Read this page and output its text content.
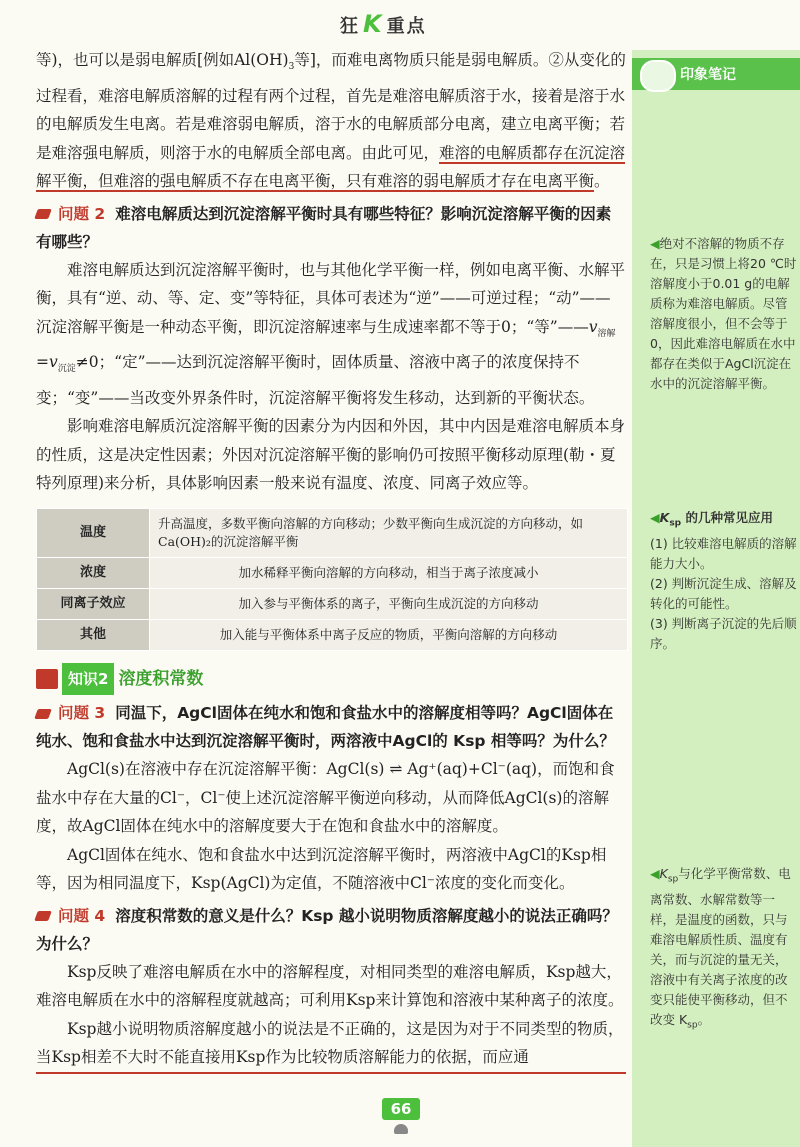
狂 K 重点
印象笔记
◀绝对不溶解的物质不存在，只是习惯上将20 ℃时溶解度小于0.01 g的电解质称为难溶电解质。尽管溶解度很小，但不会等于0，因此难溶电解质在水中都存在类似于AgCl沉淀在水中的沉淀溶解平衡。
$◀K_{sp}$ 的几种常见应用
(1) 比较难溶电解质的溶解能力大小。
(2) 判断沉淀生成、溶解及转化的可能性。
(3) 判断离子沉淀的先后顺序。
$◀K_{sp}$与化学平衡常数、电离常数、水解常数等一样，是温度的函数，只与难溶电解质性质、温度有关，而与沉淀的量无关，溶液中有关离子浓度的改变只能使平衡移动，但不改变 $K_{sp}$。

等)，也可以是弱电解质[例如$Al(OH)_3$等]，而难电离物质只能是弱电解质。②从变化的过程看，难溶电解质溶解的过程有两个过程，首先是难溶电解质溶于水，接着是溶于水的电解质发生电离。若是难溶弱电解质，溶于水的电解质部分电离，建立电离平衡；若是难溶强电解质，则溶于水的电解质全部电离。由此可见，难溶的电解质都存在沉淀溶解平衡，但难溶的强电解质不存在电离平衡，只有难溶的弱电解质才存在电离平衡。

问题 2 难溶电解质达到沉淀溶解平衡时具有哪些特征？影响沉淀溶解平衡的因素有哪些？

难溶电解质达到沉淀溶解平衡时，也与其他化学平衡一样，例如电离平衡、水解平衡，具有“逆、动、等、定、变”等特征，具体可表述为“逆”——可逆过程；“动”——沉淀溶解平衡是一种动态平衡，即沉淀溶解速率与生成速率都不等于0；“等$”——v_{溶解}=v_{沉淀}\ne 0$；“定”——达到沉淀溶解平衡时，固体质量、溶液中离子的浓度保持不变；“变”——当改变外界条件时，沉淀溶解平衡将发生移动，达到新的平衡状态。

影响难溶电解质沉淀溶解平衡的因素分为内因和外因，其中内因是难溶电解质本身的性质，这是决定性因素；外因对沉淀溶解平衡的影响仍可按照平衡移动原理(勒・夏特列原理)来分析，具体影响因素一般来说有温度、浓度、同离子效应等。

温度	升高温度，多数平衡向溶解的方向移动；少数平衡向生成沉淀的方向移动，如Ca(OH)₂的沉淀溶解平衡
浓度	加水稀释平衡向溶解的方向移动，相当于离子浓度减小
同离子效应	加入参与平衡体系的离子，平衡向生成沉淀的方向移动
其他	加入能与平衡体系中离子反应的物质，平衡向溶解的方向移动
知识2 溶度积常数
问题 3 同温下，AgCl固体在纯水和饱和食盐水中的溶解度相等吗？AgCl固体在纯水、饱和食盐水中达到沉淀溶解平衡时，两溶液中AgCl的 Ksp 相等吗？为什么？

AgCl(s)在溶液中存在沉淀溶解平衡：AgCl(s) ⇌ Ag⁺(aq)+Cl⁻(aq)，而饱和食盐水中存在大量的Cl⁻，Cl⁻使上述沉淀溶解平衡逆向移动，从而降低AgCl(s)的溶解度，故AgCl固体在纯水中的溶解度要大于在饱和食盐水中的溶解度。

AgCl固体在纯水、饱和食盐水中达到沉淀溶解平衡时，两溶液中AgCl的Ksp相等，因为相同温度下，Ksp(AgCl)为定值，不随溶液中Cl⁻浓度的变化而变化。

问题 4 溶度积常数的意义是什么？Ksp 越小说明物质溶解度越小的说法正确吗？为什么？

Ksp反映了难溶电解质在水中的溶解程度，对相同类型的难溶电解质，Ksp越大，难溶电解质在水中的溶解程度就越高；可利用Ksp来计算饱和溶液中某种离子的浓度。

Ksp越小说明物质溶解度越小的说法是不正确的，这是因为对于不同类型的物质，当Ksp相差不大时不能直接用Ksp作为比较物质溶解能力的依据，而应通

66
